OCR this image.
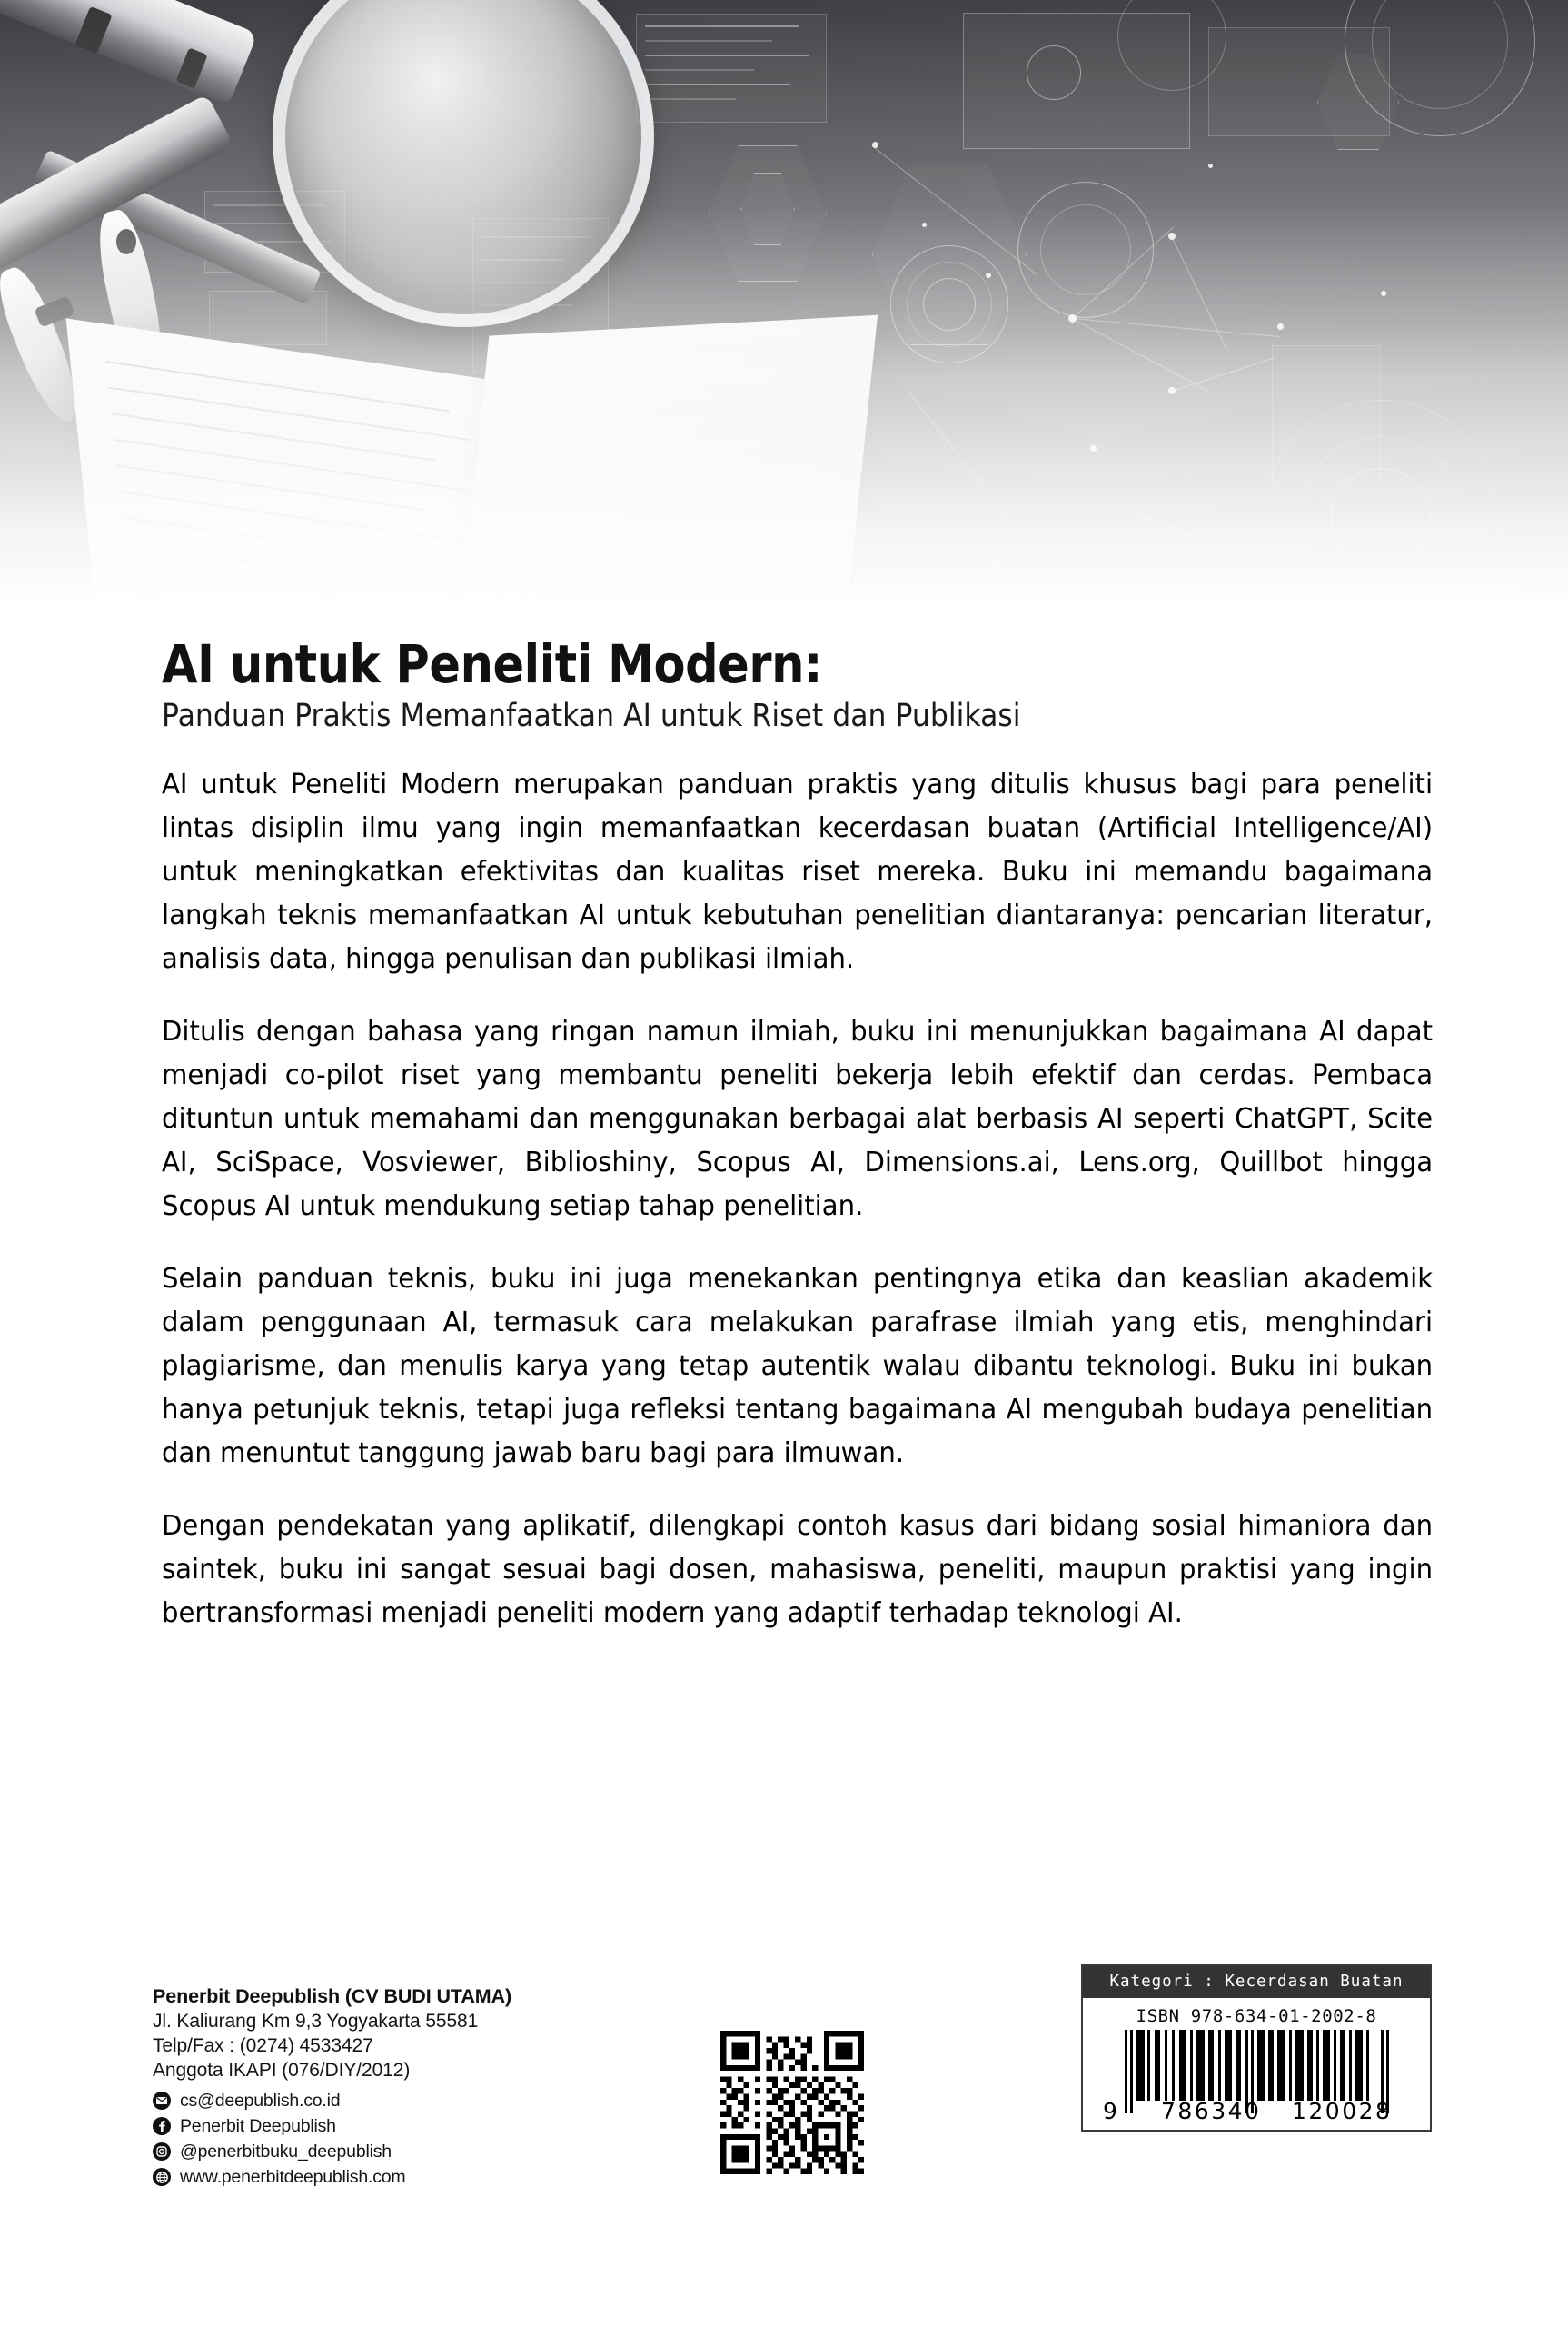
AI untuk Peneliti Modern:
Panduan Praktis Memanfaatkan AI untuk Riset dan Publikasi

AI untuk Peneliti Modern merupakan panduan praktis yang ditulis khusus bagi para peneliti lintas disiplin ilmu yang ingin memanfaatkan kecerdasan buatan (Artificial Intelligence/AI) untuk meningkatkan efektivitas dan kualitas riset mereka. Buku ini memandu bagaimana langkah teknis memanfaatkan AI untuk kebutuhan penelitian diantaranya: pencarian literatur, analisis data, hingga penulisan dan publikasi ilmiah.

Ditulis dengan bahasa yang ringan namun ilmiah, buku ini menunjukkan bagaimana AI dapat menjadi co-pilot riset yang membantu peneliti bekerja lebih efektif dan cerdas. Pembaca dituntun untuk memahami dan menggunakan berbagai alat berbasis AI seperti ChatGPT, Scite AI, SciSpace, Vosviewer, Biblioshiny, Scopus AI, Dimensions.ai, Lens.org, Quillbot hingga Scopus AI untuk mendukung setiap tahap penelitian.

Selain panduan teknis, buku ini juga menekankan pentingnya etika dan keaslian akademik dalam penggunaan AI, termasuk cara melakukan parafrase ilmiah yang etis, menghindari plagiarisme, dan menulis karya yang tetap autentik walau dibantu teknologi. Buku ini bukan hanya petunjuk teknis, tetapi juga refleksi tentang bagaimana AI mengubah budaya penelitian dan menuntut tanggung jawab baru bagi para ilmuwan.

Dengan pendekatan yang aplikatif, dilengkapi contoh kasus dari bidang sosial himaniora dan saintek, buku ini sangat sesuai bagi dosen, mahasiswa, peneliti, maupun praktisi yang ingin bertransformasi menjadi peneliti modern yang adaptif terhadap teknologi AI.

Penerbit Deepublish (CV BUDI UTAMA)
Jl. Kaliurang Km 9,3 Yogyakarta 55581
Telp/Fax : (0274) 4533427
Anggota IKAPI (076/DIY/2012)
cs@deepublish.co.id
Penerbit Deepublish
@penerbitbuku_deepublish
www.penerbitdeepublish.com
Kategori : Kecerdasan Buatan
ISBN 978-634-01-2002-8
9 786340 120028
